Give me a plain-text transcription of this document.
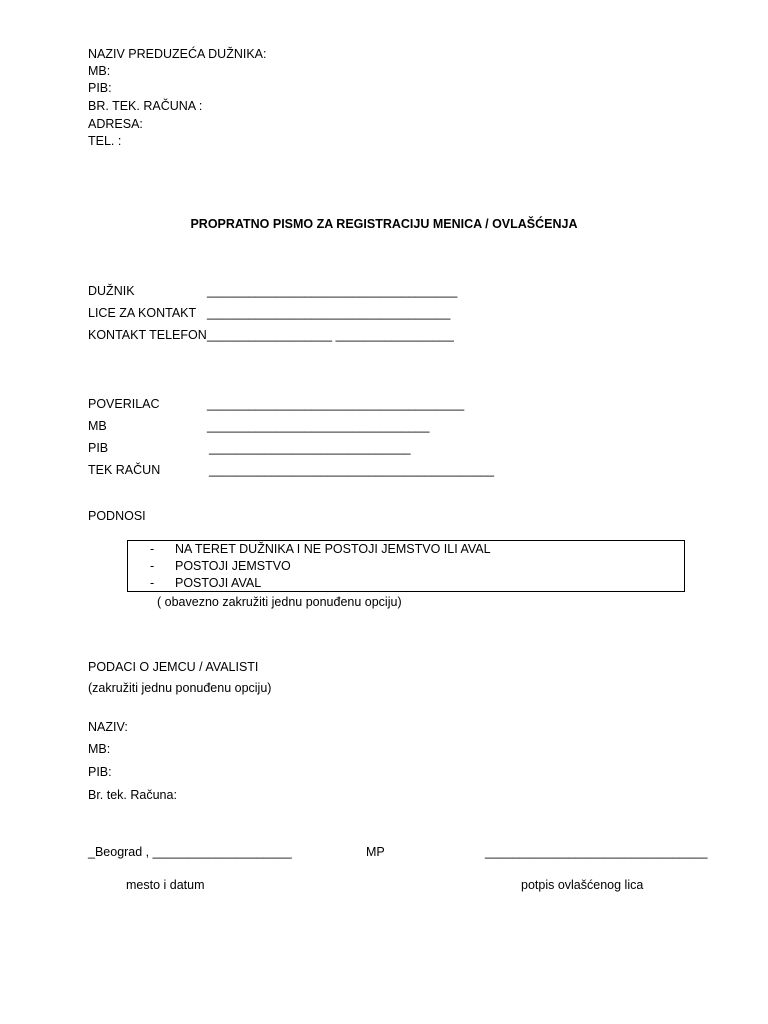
NAZIV PREDUZEĆA DUŽNIKA:
MB:
PIB:
BR. TEK. RAČUNA :
ADRESA:
TEL. :
PROPRATNO PISMO ZA REGISTRACIJU MENICA / OVLAŠĆENJA
DUŽNIK	____________________________________
LICE ZA KONTAKT ___________________________________
KONTAKT TELEFON __________________ _________________
POVERILAC	_____________________________________
MB	________________________________
PIB	_____________________________
TEK RAČUN	_________________________________________
PODNOSI
- NA TERET DUŽNIKA I NE POSTOJI JEMSTVO ILI AVAL
- POSTOJI JEMSTVO
- POSTOJI AVAL
( obavezno zakružiti jednu ponuđenu opciju)
PODACI O JEMCU / AVALISTI
(zakružiti jednu ponuđenu opciju)
NAZIV:
MB:
PIB:
Br. tek. Računa:
_Beograd , ____________________	MP	________________________________
mesto i datum	potpis ovlašćenog lica
